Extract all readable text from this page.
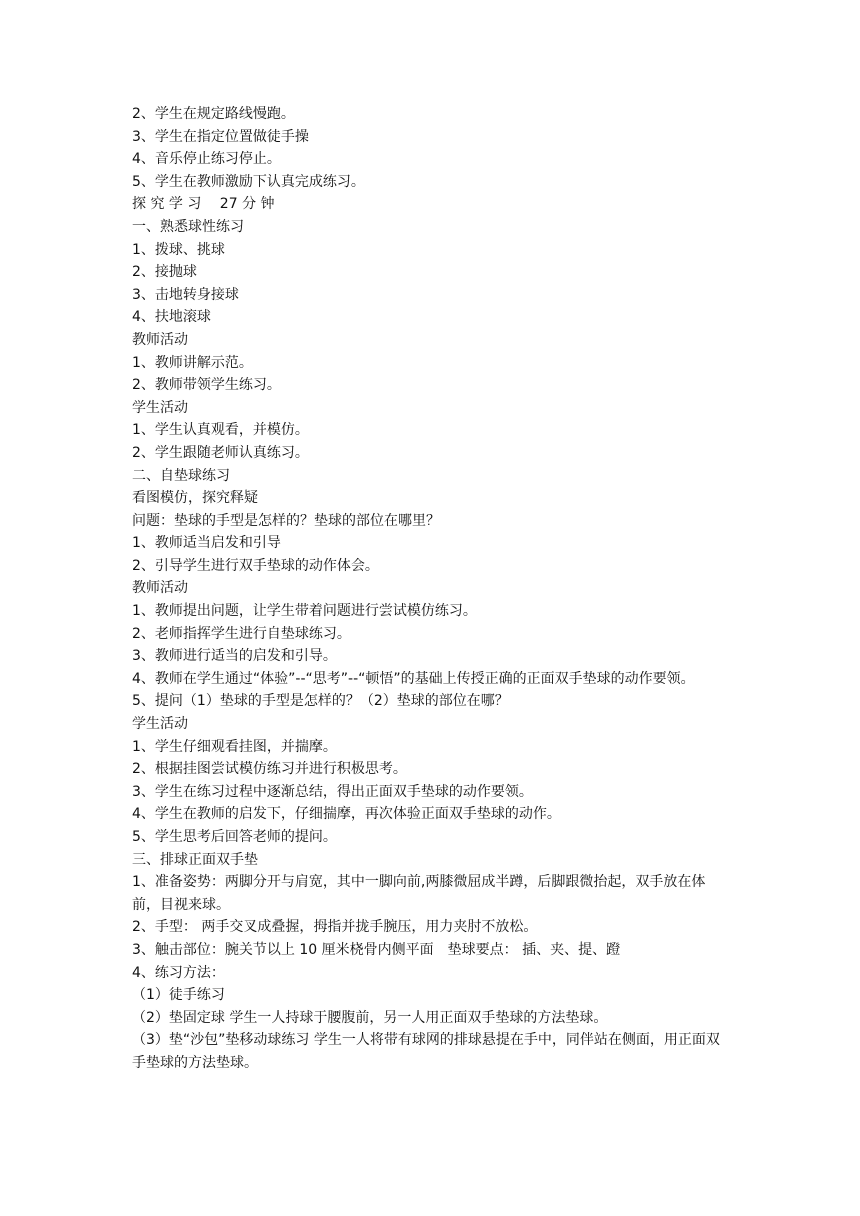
2、学生在规定路线慢跑。
3、学生在指定位置做徒手操
4、音乐停止练习停止。
5、学生在教师激励下认真完成练习。
探 究 学 习　 27 分 钟
一、熟悉球性练习
1、拨球、挑球
2、接抛球
3、击地转身接球
4、扶地滚球
教师活动
1、教师讲解示范。
2、教师带领学生练习。
学生活动
1、学生认真观看，并模仿。
2、学生跟随老师认真练习。
二、自垫球练习
看图模仿，探究释疑
问题：垫球的手型是怎样的？垫球的部位在哪里？
1、教师适当启发和引导
2、引导学生进行双手垫球的动作体会。
教师活动
1、教师提出问题，让学生带着问题进行尝试模仿练习。
2、老师指挥学生进行自垫球练习。
3、教师进行适当的启发和引导。
4、教师在学生通过“体验”--“思考”--“顿悟”的基础上传授正确的正面双手垫球的动作要领。
5、提问（1）垫球的手型是怎样的？（2）垫球的部位在哪？
学生活动
1、学生仔细观看挂图，并揣摩。
2、根据挂图尝试模仿练习并进行积极思考。
3、学生在练习过程中逐渐总结，得出正面双手垫球的动作要领。
4、学生在教师的启发下，仔细揣摩，再次体验正面双手垫球的动作。
5、学生思考后回答老师的提问。
三、排球正面双手垫
1、准备姿势：两脚分开与肩宽，其中一脚向前,两膝微屈成半蹲，后脚跟微抬起，双手放在体前，目视来球。
2、手型： 两手交叉成叠握，拇指并拢手腕压，用力夹肘不放松。
3、触击部位：腕关节以上 10 厘米桡骨内侧平面　垫球要点： 插、夹、提、蹬
4、练习方法：
（1）徒手练习
（2）垫固定球 学生一人持球于腰腹前，另一人用正面双手垫球的方法垫球。
（3）垫“沙包”垫移动球练习 学生一人将带有球网的排球悬提在手中，同伴站在侧面，用正面双手垫球的方法垫球。
